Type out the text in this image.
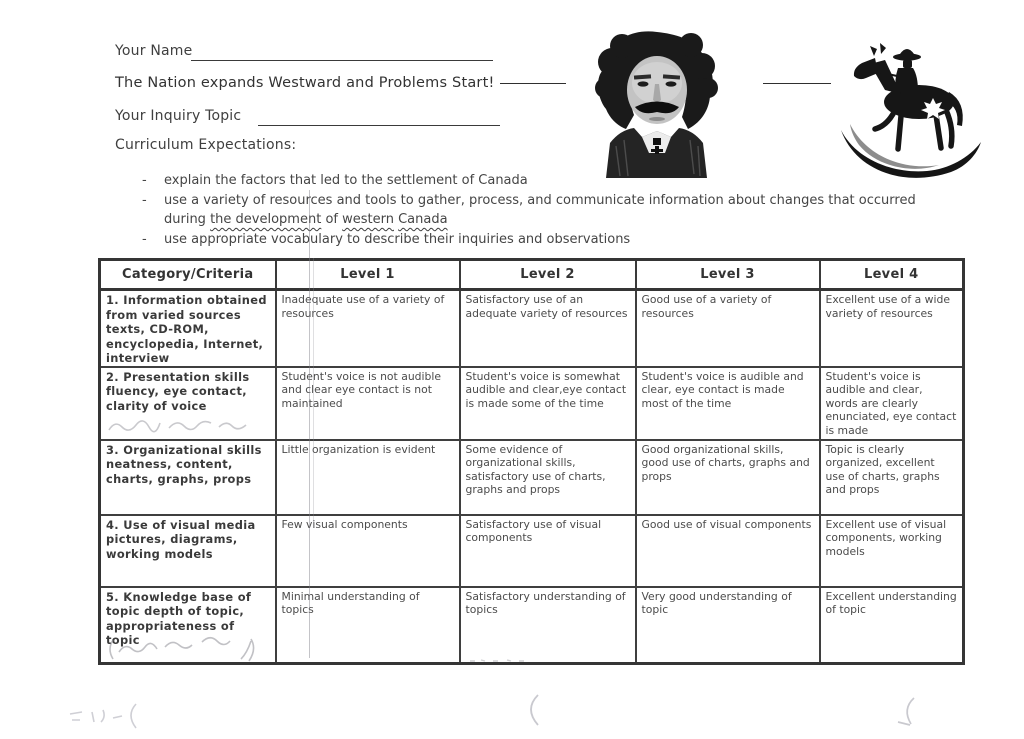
Your Name
The Nation expands Westward and Problems Start!
Your Inquiry Topic
Curriculum Expectations:
- explain the factors that led to the settlement of Canada
- use a variety of resources and tools to gather, process, and communicate information about changes that occurred
during the development of western Canada
- use appropriate vocabulary to describe their inquiries and observations
Category/Criteria	Level 1	Level 2	Level 3	Level 4
1. Information obtained from varied sources texts, CD-ROM, encyclopedia, Internet, interview	Inadequate use of a variety of resources	Satisfactory use of an adequate variety of resources	Good use of a variety of resources	Excellent use of a wide variety of resources
2. Presentation skills fluency, eye contact, clarity of voice	Student's voice is not audible and clear eye contact is not maintained	Student's voice is somewhat audible and clear,eye contact is made some of the time	Student's voice is audible and clear, eye contact is made most of the time	Student's voice is audible and clear, words are clearly enunciated, eye contact is made
3. Organizational skills neatness, content, charts, graphs, props	Little organization is evident	Some evidence of organizational skills, satisfactory use of charts, graphs and props	Good organizational skills, good use of charts, graphs and props	Topic is clearly organized, excellent use of charts, graphs and props
4. Use of visual media pictures, diagrams, working models	Few visual components	Satisfactory use of visual components	Good use of visual components	Excellent use of visual components, working models
5. Knowledge base of topic depth of topic, appropriateness of topic	Minimal understanding of topics	Satisfactory understanding of topics	Very good understanding of topic	Excellent understanding of topic
